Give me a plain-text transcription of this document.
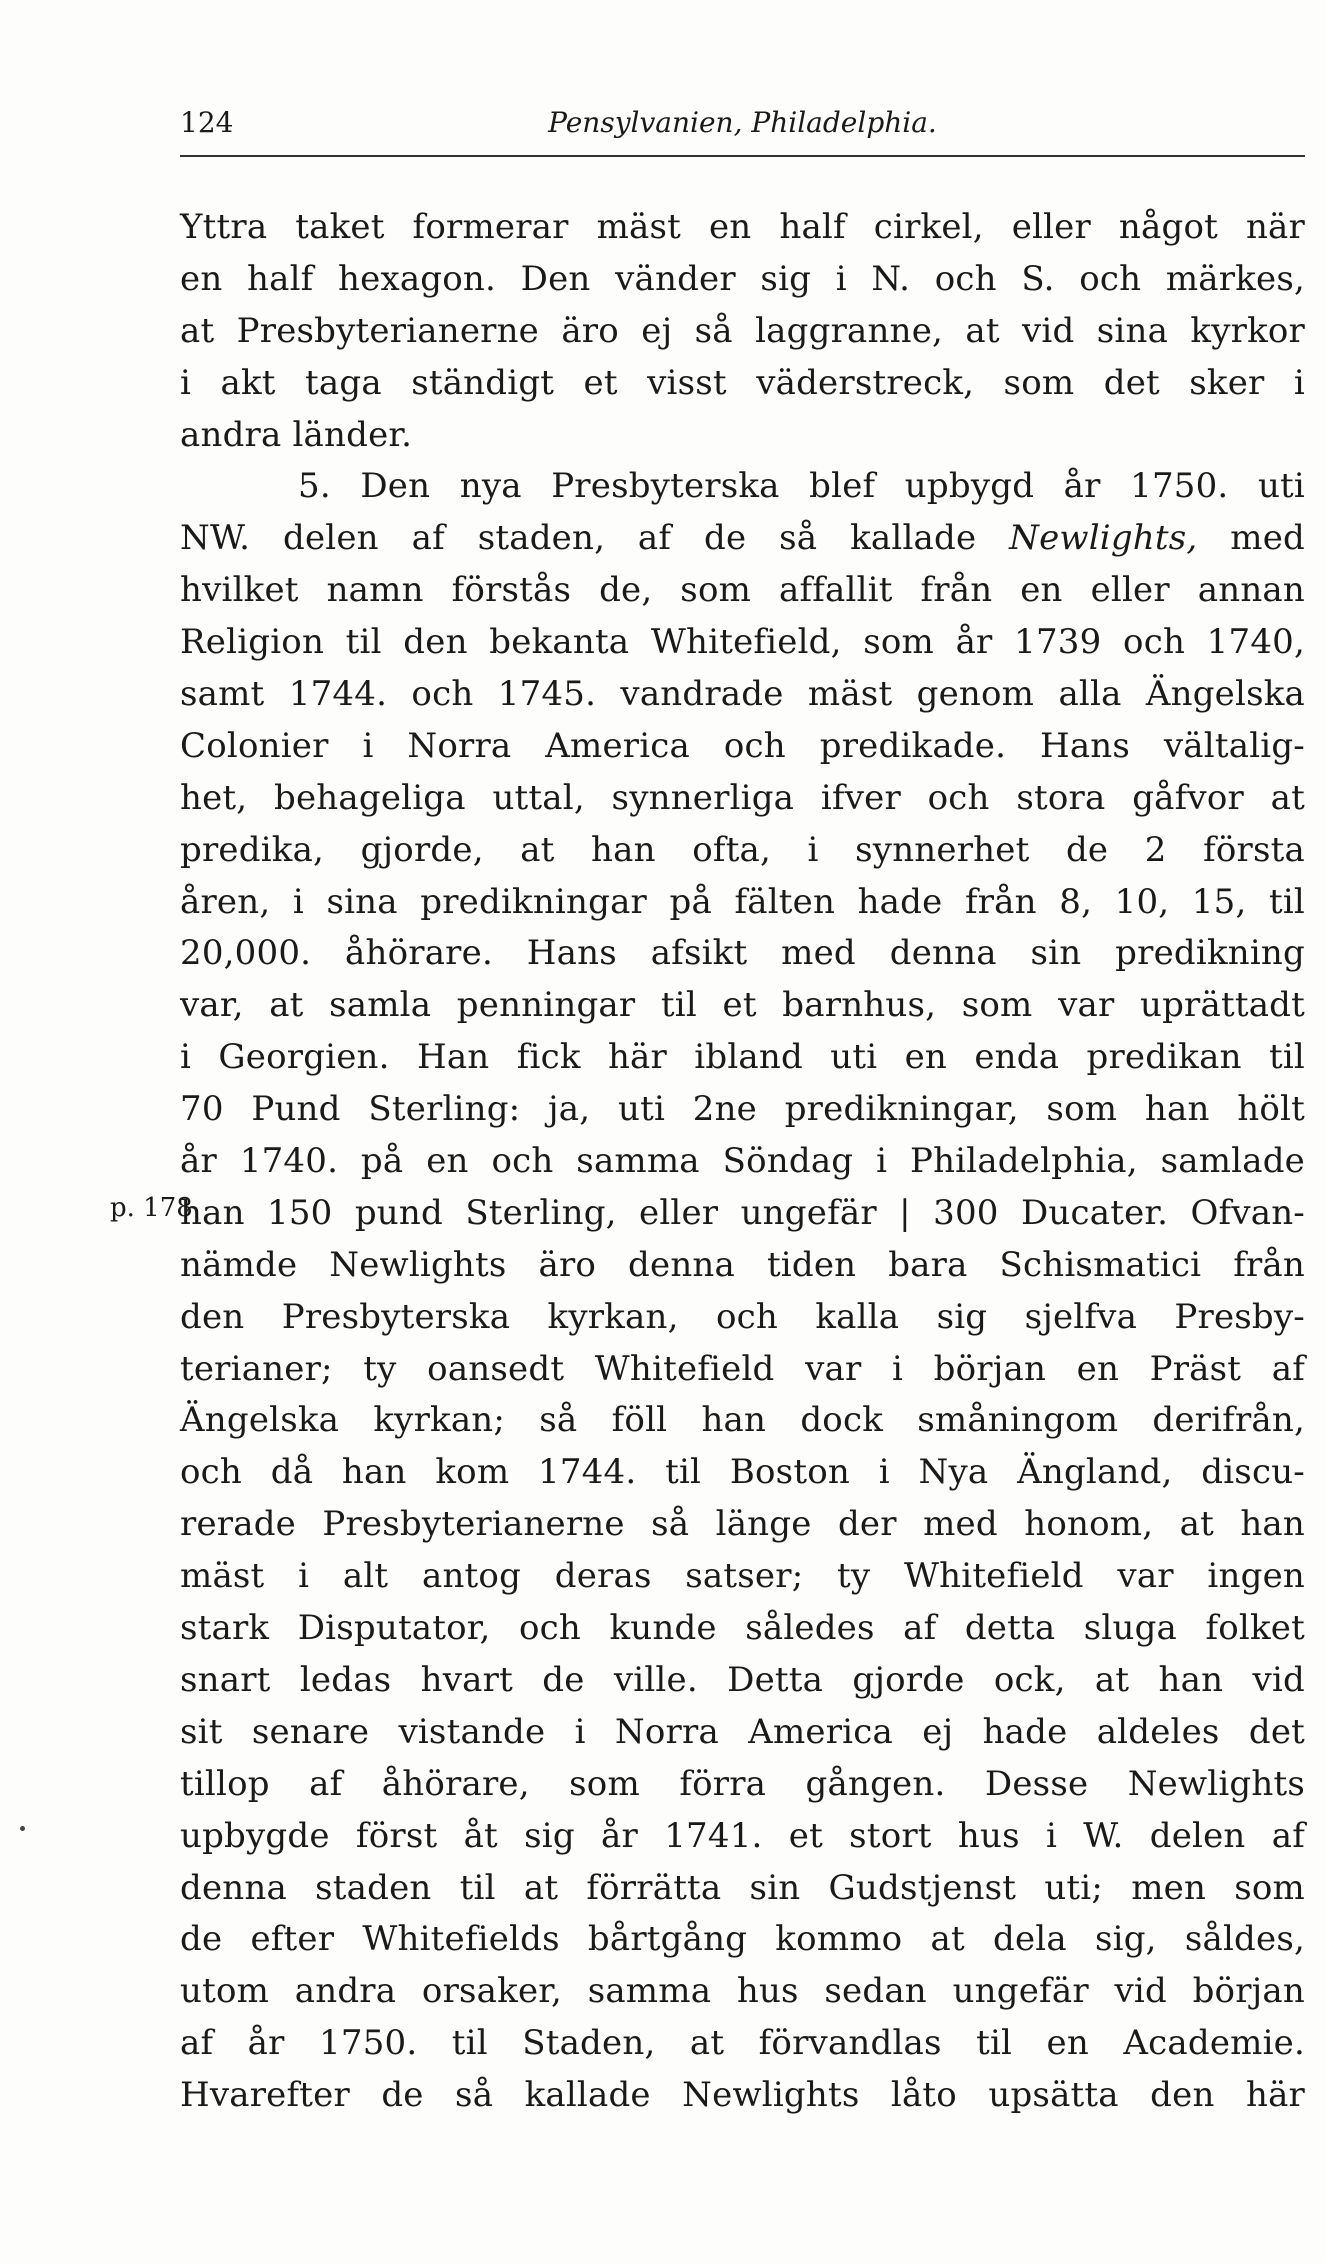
124	Pensylvanien, Philadelphia.
p. 178
Yttra taket formerar mäst en half cirkel, eller något när
en half hexagon. Den vänder sig i N. och S. och märkes,
at Presbyterianerne äro ej så laggranne, at vid sina kyrkor
i akt taga ständigt et visst väderstreck, som det sker i
andra länder.
5. Den nya Presbyterska blef upbygd år 1750. uti
NW. delen af staden, af de så kallade Newlights, med
hvilket namn förstås de, som affallit från en eller annan
Religion til den bekanta Whitefield, som år 1739 och 1740,
samt 1744. och 1745. vandrade mäst genom alla Ängelska
Colonier i Norra America och predikade. Hans vältalig-
het, behageliga uttal, synnerliga ifver och stora gåfvor at
predika, gjorde, at han ofta, i synnerhet de 2 första
åren, i sina predikningar på fälten hade från 8, 10, 15, til
20,000. åhörare. Hans afsikt med denna sin predikning
var, at samla penningar til et barnhus, som var uprättadt
i Georgien. Han fick här ibland uti en enda predikan til
70 Pund Sterling: ja, uti 2ne predikningar, som han hölt
år 1740. på en och samma Söndag i Philadelphia, samlade
han 150 pund Sterling, eller ungefär | 300 Ducater. Ofvan-
nämde Newlights äro denna tiden bara Schismatici från
den Presbyterska kyrkan, och kalla sig sjelfva Presby-
terianer; ty oansedt Whitefield var i början en Präst af
Ängelska kyrkan; så föll han dock småningom derifrån,
och då han kom 1744. til Boston i Nya Ängland, discu-
rerade Presbyterianerne så länge der med honom, at han
mäst i alt antog deras satser; ty Whitefield var ingen
stark Disputator, och kunde således af detta sluga folket
snart ledas hvart de ville. Detta gjorde ock, at han vid
sit senare vistande i Norra America ej hade aldeles det
tillop af åhörare, som förra gången. Desse Newlights
upbygde först åt sig år 1741. et stort hus i W. delen af
denna staden til at förrätta sin Gudstjenst uti; men som
de efter Whitefields bårtgång kommo at dela sig, såldes,
utom andra orsaker, samma hus sedan ungefär vid början
af år 1750. til Staden, at förvandlas til en Academie.
Hvarefter de så kallade Newlights låto upsätta den här
